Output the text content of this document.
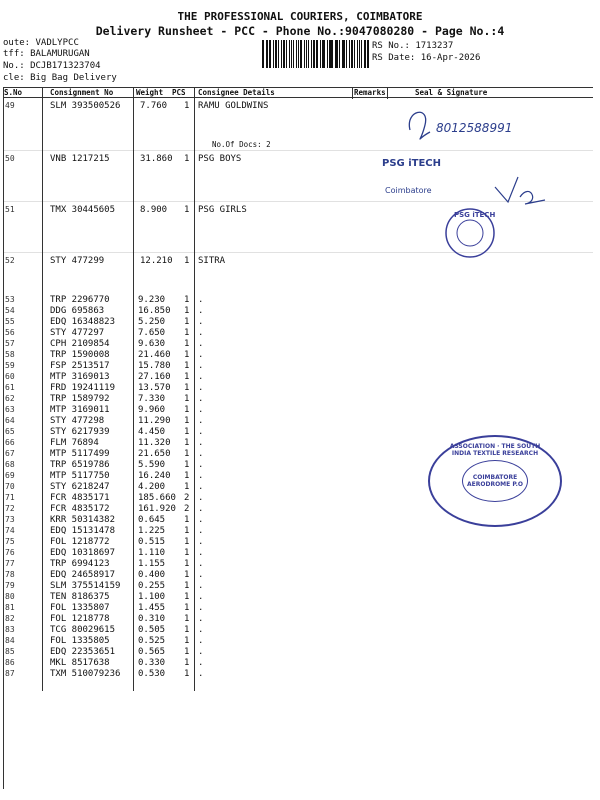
THE PROFESSIONAL COURIERS, COIMBATORE
Delivery Runsheet - PCC - Phone No.:9047080280 - Page No.:4
oute: VADLYPCC
tff: BALAMURUGAN
No.: DCJB171323704
cle: Big Bag Delivery
RS No.: 1713237
RS Date: 16-Apr-2026
S.No	Consignment No	Weight PCS Consignee Details	Remarks	Seal & Signature
49	SLM 393500526 7.760 1 RAMU GOLDWINS
No.Of Docs: 2
50	VNB 1217215	31.860 1 PSG BOYS
51	TMX 30445605	8.900 1 PSG GIRLS
52	STY 477299	12.210 1 SITRA
53	TRP 2296770	9.230 1 .
54	DDG 695863	16.850 1 .
55	EDQ 16348823	5.250 1 .
56	STY 477297	7.650 1 .
57	CPH 2109854	9.630 1 .
58	TRP 1590008	21.460 1 .
59	FSP 2513517	15.780 1 .
60	MTP 3169013	27.160 1 .
61	FRD 19241119	13.570 1 .
62	TRP 1589792	7.330 1 .
63	MTP 3169011	9.960 1 .
64	STY 477298	11.290 1 .
65	STY 6217939	4.450 1 .
66	FLM 76894	11.320 1 .
67	MTP 5117499	21.650 1 .
68	TRP 6519786	5.590 1 .
69	MTP 5117750	16.240 1 .
70	STY 6218247	4.200 1 .
71	FCR 4835171	185.660 2 .
72	FCR 4835172	161.920 2 .
73	KRR 50314382	0.645 1 .
74	EDQ 15131478	1.225 1 .
75	FOL 1218772	0.515 1 .
76	EDQ 10318697	1.110 1 .
77	TRP 6994123	1.155 1 .
78	EDQ 24658917	0.400 1 .
79	SLM 375514159 0.255 1 .
80	TEN 8186375	1.100 1 .
81	FOL 1335807	1.455 1 .
82	FOL 1218778	0.310 1 .
83	TCG 80029615	0.505 1 .
84	FOL 1335805	0.525 1 .
85	EDQ 22353651	0.565 1 .
86	MKL 8517638	0.330 1 .
87	TXM 510079236 0.530 1 .
8012588991
PSG iTECH
Coimbatore
PSG iTECH
ASSOCIATION · THE SOUTH INDIA TEXTILE RESEARCH
COIMBATORE AERODROME P.O
